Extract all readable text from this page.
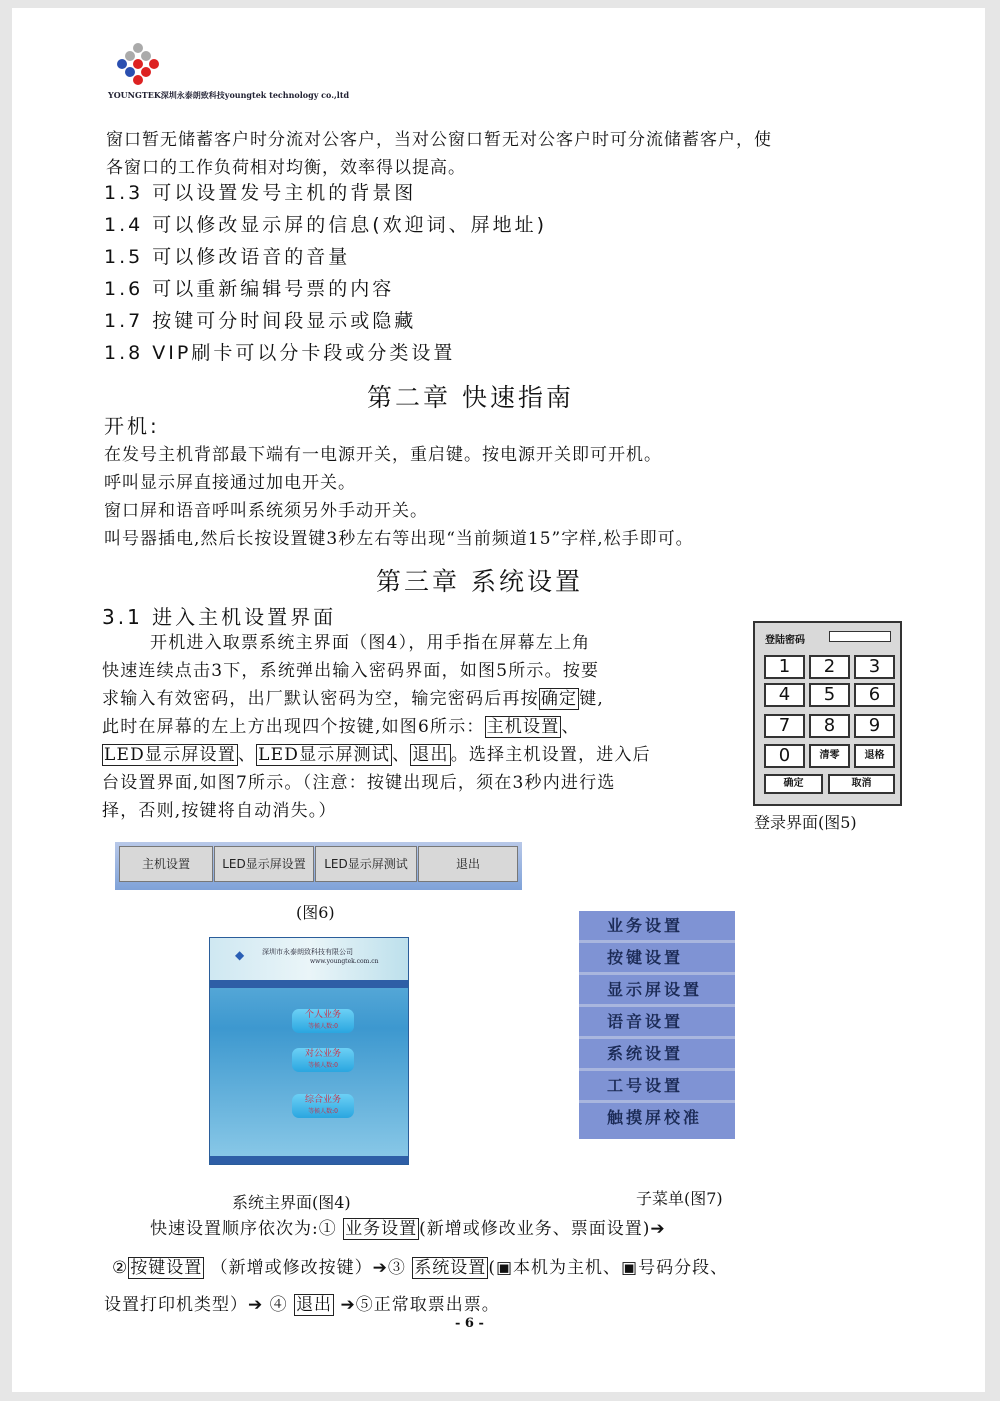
YOUNGTEK深圳永泰朗致科技youngtek technology co.,ltd
窗口暂无储蓄客户时分流对公客户，当对公窗口暂无对公客户时可分流储蓄客户，使
各窗口的工作负荷相对均衡，效率得以提高。
1.3 可以设置发号主机的背景图
1.4 可以修改显示屏的信息(欢迎词、屏地址)
1.5 可以修改语音的音量
1.6 可以重新编辑号票的内容
1.7 按键可分时间段显示或隐藏
1.8 VIP刷卡可以分卡段或分类设置
第二章 快速指南
开机:
在发号主机背部最下端有一电源开关，重启键。按电源开关即可开机。
呼叫显示屏直接通过加电开关。
窗口屏和语音呼叫系统须另外手动开关。
叫号器插电,然后长按设置键3秒左右等出现“当前频道15”字样,松手即可。
第三章 系统设置
3.1 进入主机设置界面
开机进入取票系统主界面（图4），用手指在屏幕左上角
快速连续点击3下，系统弹出输入密码界面，如图5所示。按要
求输入有效密码，出厂默认密码为空，输完密码后再按 确定 键,
此时在屏幕的左上方出现四个按键,如图6所示： 主机设置 、
LED显示屏设置 、 LED显示屏测试 、 退出 。选择主机设置，进入后
台设置界面,如图7所示。（注意：按键出现后，须在3秒内进行选
择，否则,按键将自动消失。）
登陆密码
1	2	3
4	5	6
7	8	9
0	清零	退格
确定	取消
登录界面(图5)
主机设置	LED显示屏设置	LED显示屏测试	退出
(图6)
◆	深圳市永泰朗致科技有限公司
www.youngtek.com.cn
个人业务
等候人数:0
对公业务
等候人数:0
综合业务
等候人数:0
系统主界面(图4)
业务设置
按键设置
显示屏设置
语音设置
系统设置
工号设置
触摸屏校准
子菜单(图7)
快速设置顺序依次为:① 业务设置 (新增或修改业务、票面设置)➔
② 按键设置 （新增或修改按键）➔③ 系统设置 (▣本机为主机、▣号码分段、
设置打印机类型）➔ ④ 退出 ➔⑤正常取票出票。
- 6 -
